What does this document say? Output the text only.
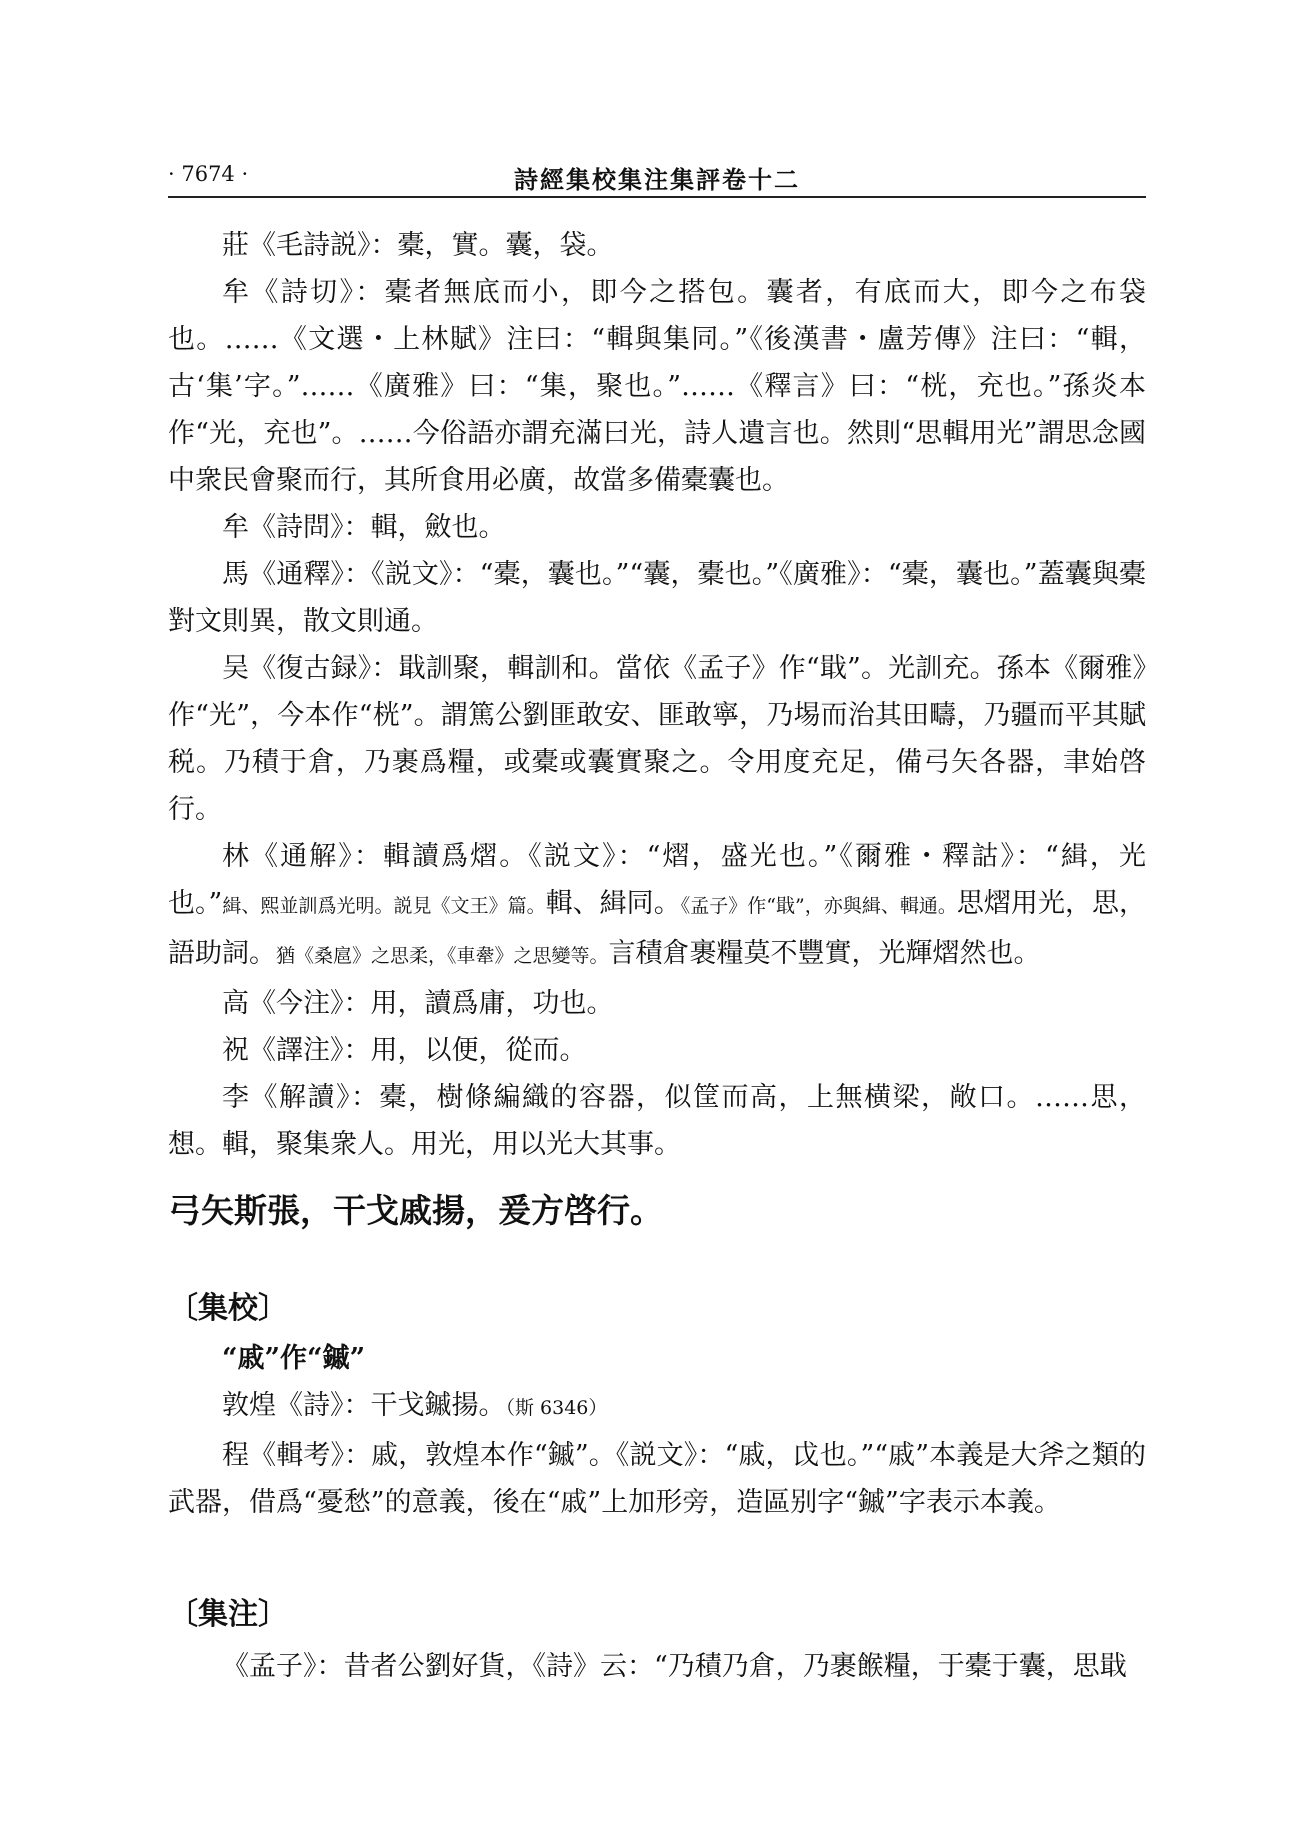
· 7674 ·	詩經集校集注集評卷十二

莊《毛詩説》：橐，實。囊，袋。

牟《詩切》：橐者無底而小，即今之搭包。囊者，有底而大，即今之布袋也。……《文選・上林賦》注曰：“輯與集同。”《後漢書・盧芳傳》注曰：“輯，古‘集’字。”……《廣雅》曰：“集，聚也。”……《釋言》曰：“桄，充也。”孫炎本作“光，充也”。……今俗語亦謂充滿曰光，詩人遺言也。然則“思輯用光”謂思念國中衆民會聚而行，其所食用必廣，故當多備橐囊也。

牟《詩問》：輯，斂也。

馬《通釋》：《説文》：“橐，囊也。”“囊，橐也。”《廣雅》：“橐，囊也。”蓋囊與橐對文則異，散文則通。

吴《復古録》：戢訓聚，輯訓和。當依《孟子》作“戢”。光訓充。孫本《爾雅》作“光”，今本作“桄”。謂篤公劉匪敢安、匪敢寧，乃埸而治其田疇，乃疆而平其賦税。乃積于倉，乃裹爲糧，或橐或囊實聚之。令用度充足，備弓矢各器，聿始啓行。

林《通解》：輯讀爲熠。《説文》：“熠，盛光也。”《爾雅・釋詁》：“緝，光也。”緝、熙並訓爲光明。説見《文王》篇。輯、緝同。《孟子》作“戢”，亦與緝、輯通。思熠用光，思，語助詞。猶《桑扈》之思柔，《車舝》之思變等。言積倉裹糧莫不豐實，光輝熠然也。

高《今注》：用，讀爲庸，功也。

祝《譯注》：用，以便，從而。

李《解讀》：橐，樹條編織的容器，似筐而高，上無横梁，敞口。……思，想。輯，聚集衆人。用光，用以光大其事。

弓矢斯張，干戈戚揚，爰方啓行。

〔集校〕

“戚”作“鏚”

敦煌《詩》：干戈鏚揚。（斯 6346）

程《輯考》：戚，敦煌本作“鏚”。《説文》：“戚，戉也。”“戚”本義是大斧之類的武器，借爲“憂愁”的意義，後在“戚”上加形旁，造區别字“鏚”字表示本義。

〔集注〕

《孟子》：昔者公劉好貨，《詩》云：“乃積乃倉，乃裹餱糧，于橐于囊，思戢
